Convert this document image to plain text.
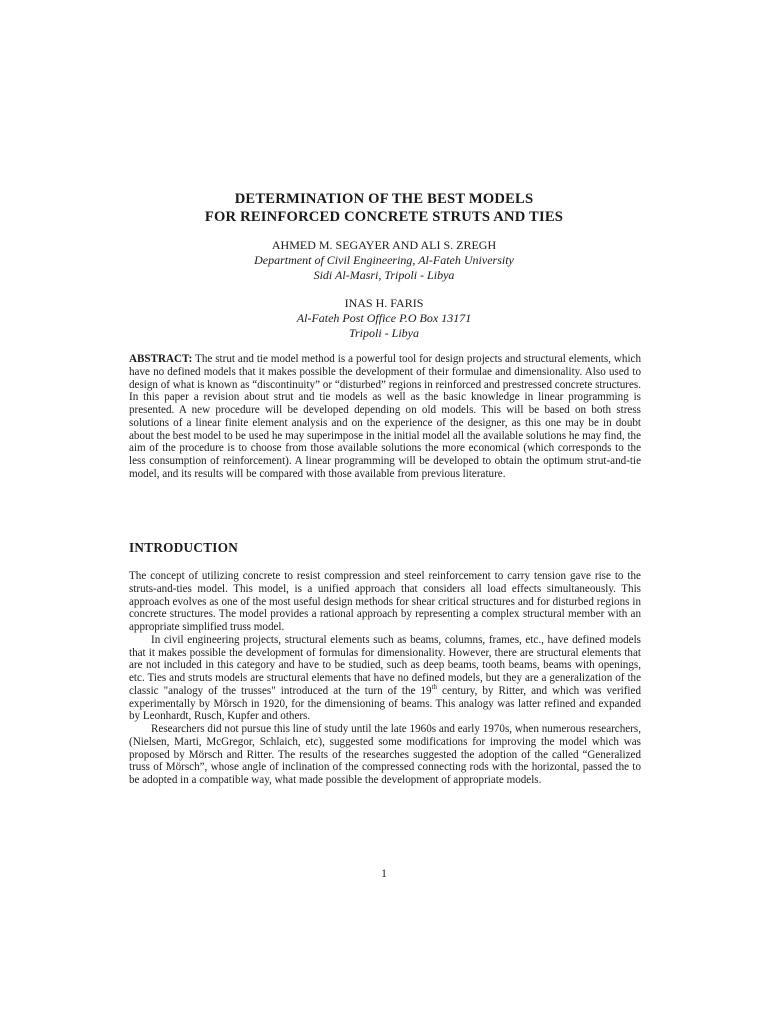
DETERMINATION OF THE BEST MODELS
FOR REINFORCED CONCRETE STRUTS AND TIES
AHMED M. SEGAYER AND ALI S. ZREGH
Department of Civil Engineering, Al-Fateh University
Sidi Al-Masri, Tripoli - Libya
INAS H. FARIS
Al-Fateh Post Office P.O Box 13171
Tripoli - Libya

ABSTRACT: The strut and tie model method is a powerful tool for design projects and structural elements, which have no defined models that it makes possible the development of their formulae and dimensionality. Also used to design of what is known as “discontinuity” or “disturbed” regions in reinforced and prestressed concrete structures. In this paper a revision about strut and tie models as well as the basic knowledge in linear programming is presented. A new procedure will be developed depending on old models. This will be based on both stress solutions of a linear finite element analysis and on the experience of the designer, as this one may be in doubt about the best model to be used he may superimpose in the initial model all the available solutions he may find, the aim of the procedure is to choose from those available solutions the more economical (which corresponds to the less consumption of reinforcement). A linear programming will be developed to obtain the optimum strut-and-tie model, and its results will be compared with those available from previous literature.

INTRODUCTION

The concept of utilizing concrete to resist compression and steel reinforcement to carry tension gave rise to the struts-and-ties model. This model, is a unified approach that considers all load effects simultaneously. This approach evolves as one of the most useful design methods for shear critical structures and for disturbed regions in concrete structures. The model provides a rational approach by representing a complex structural member with an appropriate simplified truss model.

In civil engineering projects, structural elements such as beams, columns, frames, etc., have defined models that it makes possible the development of formulas for dimensionality. However, there are structural elements that are not included in this category and have to be studied, such as deep beams, tooth beams, beams with openings, etc. Ties and struts models are structural elements that have no defined models, but they are a generalization of the classic "analogy of the trusses" introduced at the turn of the 19th century, by Ritter, and which was verified experimentally by Mörsch in 1920, for the dimensioning of beams. This analogy was latter refined and expanded by Leonhardt, Rusch, Kupfer and others.

Researchers did not pursue this line of study until the late 1960s and early 1970s, when numerous researchers, (Nielsen, Marti, McGregor, Schlaich, etc), suggested some modifications for improving the model which was proposed by Mörsch and Ritter. The results of the researches suggested the adoption of the called “Generalized truss of Mörsch”, whose angle of inclination of the compressed connecting rods with the horizontal, passed the to be adopted in a compatible way, what made possible the development of appropriate models.

1
